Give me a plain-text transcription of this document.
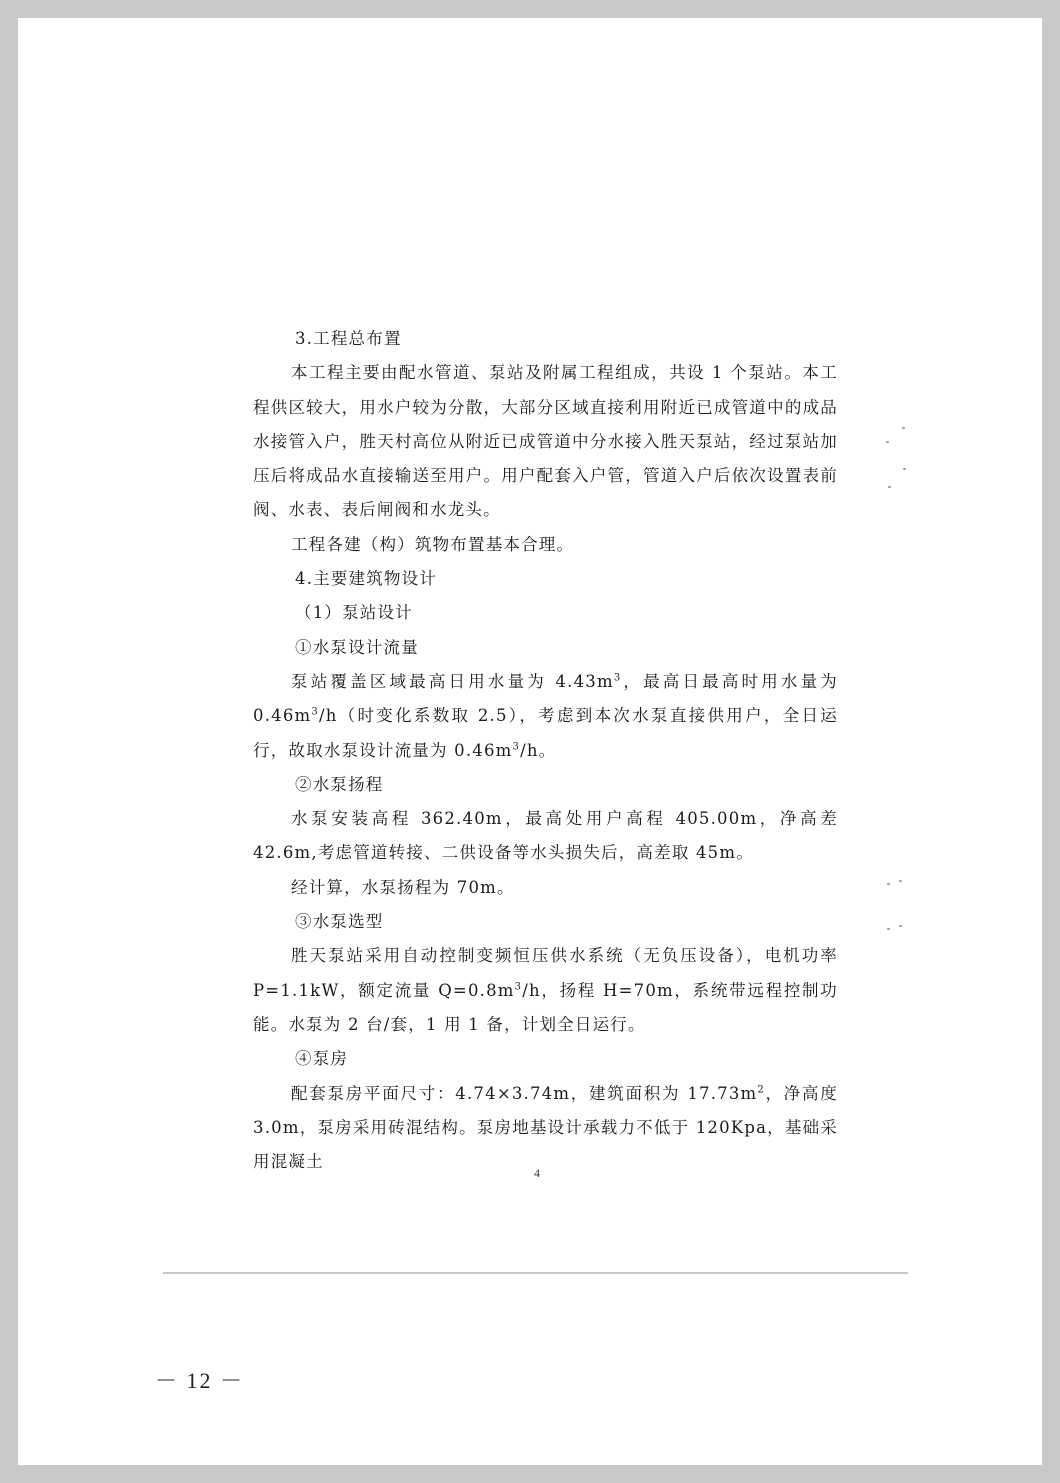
3.工程总布置

本工程主要由配水管道、泵站及附属工程组成，共设 1 个泵站。本工程供区较大，用水户较为分散，大部分区域直接利用附近已成管道中的成品水接管入户，胜天村高位从附近已成管道中分水接入胜天泵站，经过泵站加压后将成品水直接输送至用户。用户配套入户管，管道入户后依次设置表前阀、水表、表后闸阀和水龙头。

工程各建（构）筑物布置基本合理。

4.主要建筑物设计

（1）泵站设计

①水泵设计流量

泵站覆盖区域最高日用水量为 $4.43m^3$，最高日最高时用水量为 $0.46m^3/h$（时变化系数取 2.5），考虑到本次水泵直接供用户，全日运行，故取水泵设计流量为 $0.46m^3/h$。

②水泵扬程

水泵安装高程 362.40m，最高处用户高程 405.00m，净高差 42.6m,考虑管道转接、二供设备等水头损失后，高差取 45m。

经计算，水泵扬程为 70m。

③水泵选型

胜天泵站采用自动控制变频恒压供水系统（无负压设备），电机功率 P=1.1kW，额定流量 $Q=0.8m^3/h$，扬程 H=70m，系统带远程控制功能。水泵为 2 台/套，1 用 1 备，计划全日运行。

④泵房

配套泵房平面尺寸：4.74×3.74m，建筑面积为 $17.73m^2$，净高度 3.0m，泵房采用砖混结构。泵房地基设计承载力不低于 120Kpa，基础采用混凝土

4
－ 12 －
